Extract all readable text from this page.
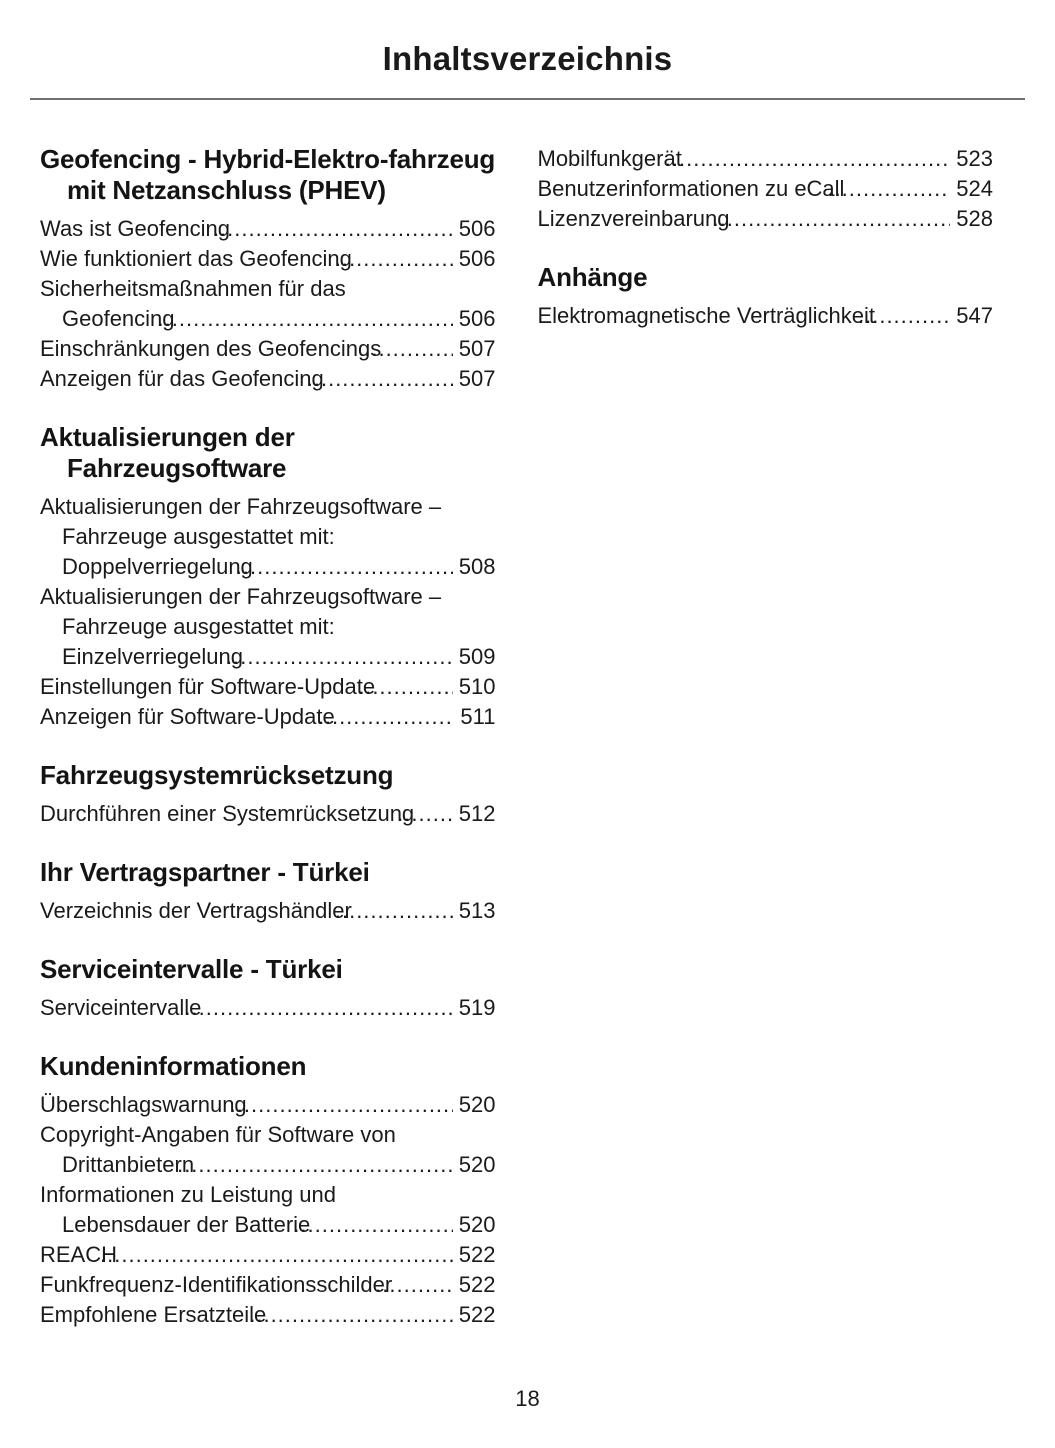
Inhaltsverzeichnis
Geofencing - Hybrid-Elektro-fahrzeug mit Netzanschluss (PHEV)
Was ist Geofencing .....	506
Wie funktioniert das Geofencing .....	506
Sicherheitsmaßnahmen für das Geofencing .....	506
Einschränkungen des Geofencings .....	507
Anzeigen für das Geofencing .....	507
Aktualisierungen der Fahrzeugsoftware
Aktualisierungen der Fahrzeugsoftware – Fahrzeuge ausgestattet mit: Doppelverriegelung .....	508
Aktualisierungen der Fahrzeugsoftware – Fahrzeuge ausgestattet mit: Einzelverriegelung .....	509
Einstellungen für Software-Update .....	510
Anzeigen für Software-Update .....	511
Fahrzeugsystemrücksetzung
Durchführen einer Systemrücksetzung ..... 512
Ihr Vertragspartner - Türkei
Verzeichnis der Vertragshändler .....	513
Serviceintervalle - Türkei
Serviceintervalle .....	519
Kundeninformationen
Überschlagswarnung .....	520
Copyright-Angaben für Software von Drittanbietern .....	520
Informationen zu Leistung und Lebensdauer der Batterie .....	520
REACH .....	522
Funkfrequenz-Identifikationsschilder .....	522
Empfohlene Ersatzteile .....	522
Mobilfunkgerät .....	523
Benutzerinformationen zu eCall .....	524
Lizenzvereinbarung .....	528
Anhänge
Elektromagnetische Verträglichkeit .....	547
18
